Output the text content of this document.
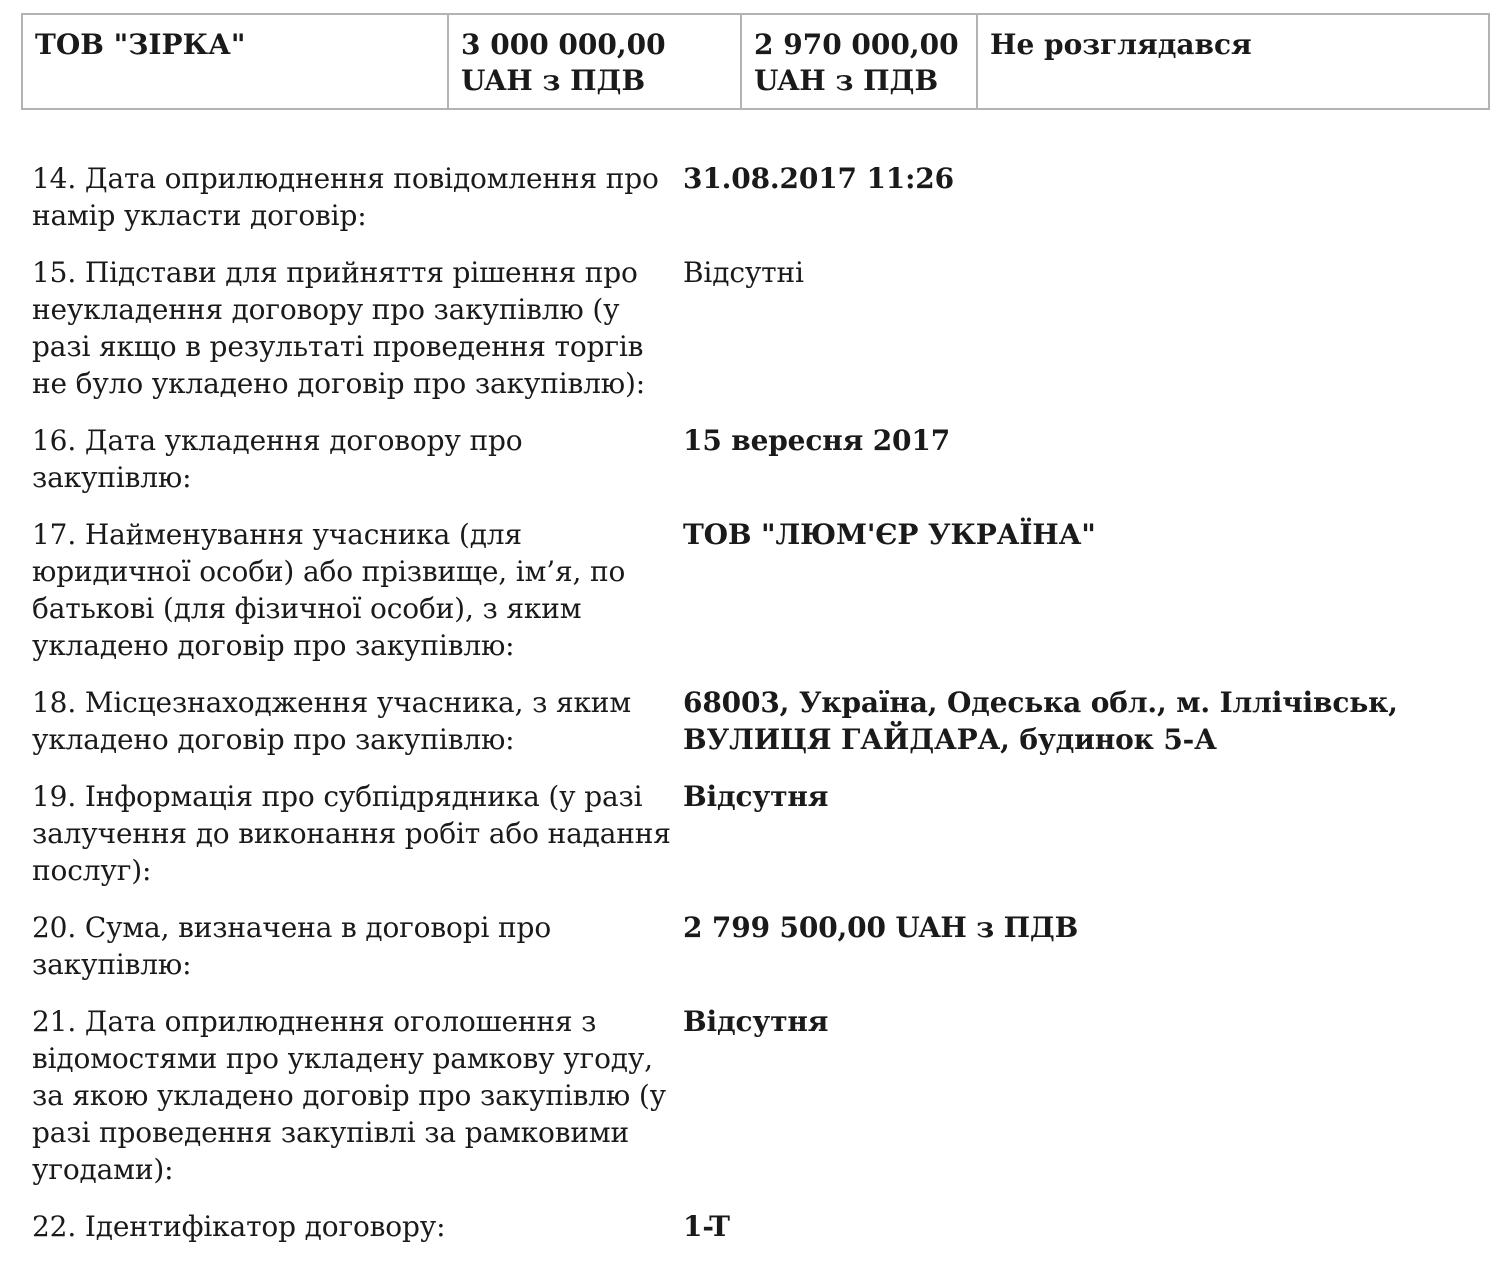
ТОВ "ЗІРКА"	3 000 000,00 UAH з ПДВ	2 970 000,00 UAH з ПДВ	Не розглядався
14. Дата оприлюднення повідомлення про намір укласти договір:
31.08.2017 11:26
15. Підстави для прийняття рішення про неукладення договору про закупівлю (у разі якщо в результаті проведення торгів не було укладено договір про закупівлю):
Відсутні
16. Дата укладення договору про закупівлю:
15 вересня 2017
17. Найменування учасника (для юридичної особи) або прізвище, ім’я, по батькові (для фізичної особи), з яким укладено договір про закупівлю:
ТОВ "ЛЮМ'ЄР УКРАЇНА"
18. Місцезнаходження учасника, з яким укладено договір про закупівлю:
68003, Україна, Одеська обл., м. Іллічівськ, ВУЛИЦЯ ГАЙДАРА, будинок 5-А
19. Інформація про субпідрядника (у разі залучення до виконання робіт або надання послуг):
Відсутня
20. Сума, визначена в договорі про закупівлю:
2 799 500,00 UAH з ПДВ
21. Дата оприлюднення оголошення з відомостями про укладену рамкову угоду, за якою укладено договір про закупівлю (у разі проведення закупівлі за рамковими угодами):
Відсутня
22. Ідентифікатор договору:	1-T
